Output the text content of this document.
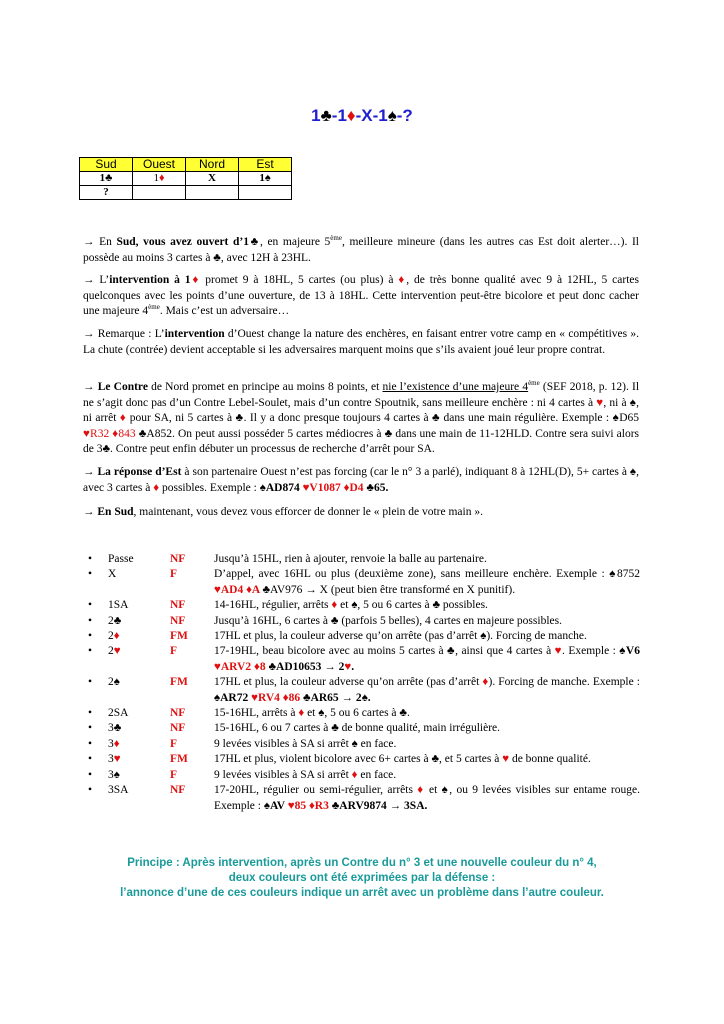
1♣-1♦-X-1♠-?
Sud	Ouest	Nord	Est
1♣	1♦	X	1♠
?			
→ En Sud, vous avez ouvert d’1♣, en majeure 5ème, meilleure mineure (dans les autres cas Est doit alerter…). Il possède au moins 3 cartes à ♣, avec 12H à 23HL.
→ L’intervention à 1♦ promet 9 à 18HL, 5 cartes (ou plus) à ♦, de très bonne qualité avec 9 à 12HL, 5 cartes quelconques avec les points d’une ouverture, de 13 à 18HL. Cette intervention peut-être bicolore et peut donc cacher une majeure 4ème. Mais c’est un adversaire…
→ Remarque : L’intervention d’Ouest change la nature des enchères, en faisant entrer votre camp en « compétitives ». La chute (contrée) devient acceptable si les adversaires marquent moins que s’ils avaient joué leur propre contrat.
→ Le Contre de Nord promet en principe au moins 8 points, et nie l’existence d’une majeure 4ème (SEF 2018, p. 12). Il ne s’agit donc pas d’un Contre Lebel-Soulet, mais d’un contre Spoutnik, sans meilleure enchère : ni 4 cartes à ♥, ni à ♠, ni arrêt ♦ pour SA, ni 5 cartes à ♣. Il y a donc presque toujours 4 cartes à ♣ dans une main régulière. Exemple : ♠D65 ♥R32 ♦843 ♣A852. On peut aussi posséder 5 cartes médiocres à ♣ dans une main de 11-12HLD. Contre sera suivi alors de 3♣. Contre peut enfin débuter un processus de recherche d’arrêt pour SA.
→ La réponse d’Est à son partenaire Ouest n’est pas forcing (car le n° 3 a parlé), indiquant 8 à 12HL(D), 5+ cartes à ♠, avec 3 cartes à ♦ possibles. Exemple : ♠AD874 ♥V1087 ♦D4 ♣65.
→ En Sud, maintenant, vous devez vous efforcer de donner le « plein de votre main ».
• Passe	NF	Jusqu’à 15HL, rien à ajouter, renvoie la balle au partenaire.
• X	F	D’appel, avec 16HL ou plus (deuxième zone), sans meilleure enchère. Exemple : ♠8752 ♥AD4 ♦A ♣AV976 → X (peut bien être transformé en X punitif).
• 1SA	NF	14-16HL, régulier, arrêts ♦ et ♠, 5 ou 6 cartes à ♣ possibles.
• 2♣	NF	Jusqu’à 16HL, 6 cartes à ♣ (parfois 5 belles), 4 cartes en majeure possibles.
• 2♦	FM	17HL et plus, la couleur adverse qu’on arrête (pas d’arrêt ♠). Forcing de manche.
• 2♥	F	17-19HL, beau bicolore avec au moins 5 cartes à ♣, ainsi que 4 cartes à ♥. Exemple : ♠V6 ♥ARV2 ♦8 ♣AD10653 → 2♥.
• 2♠	FM	17HL et plus, la couleur adverse qu’on arrête (pas d’arrêt ♦). Forcing de manche. Exemple : ♠AR72 ♥RV4 ♦86 ♣AR65 → 2♠.
• 2SA	NF	15-16HL, arrêts à ♦ et ♠, 5 ou 6 cartes à ♣.
• 3♣	NF	15-16HL, 6 ou 7 cartes à ♣ de bonne qualité, main irrégulière.
• 3♦	F	9 levées visibles à SA si arrêt ♠ en face.
• 3♥	FM	17HL et plus, violent bicolore avec 6+ cartes à ♣, et 5 cartes à ♥ de bonne qualité.
• 3♠	F	9 levées visibles à SA si arrêt ♦ en face.
• 3SA	NF	17-20HL, régulier ou semi-régulier, arrêts ♦ et ♠, ou 9 levées visibles sur entame rouge. Exemple : ♠AV ♥85 ♦R3 ♣ARV9874 → 3SA.
Principe : Après intervention, après un Contre du n° 3 et une nouvelle couleur du n° 4,
deux couleurs ont été exprimées par la défense :
l’annonce d’une de ces couleurs indique un arrêt avec un problème dans l’autre couleur.
